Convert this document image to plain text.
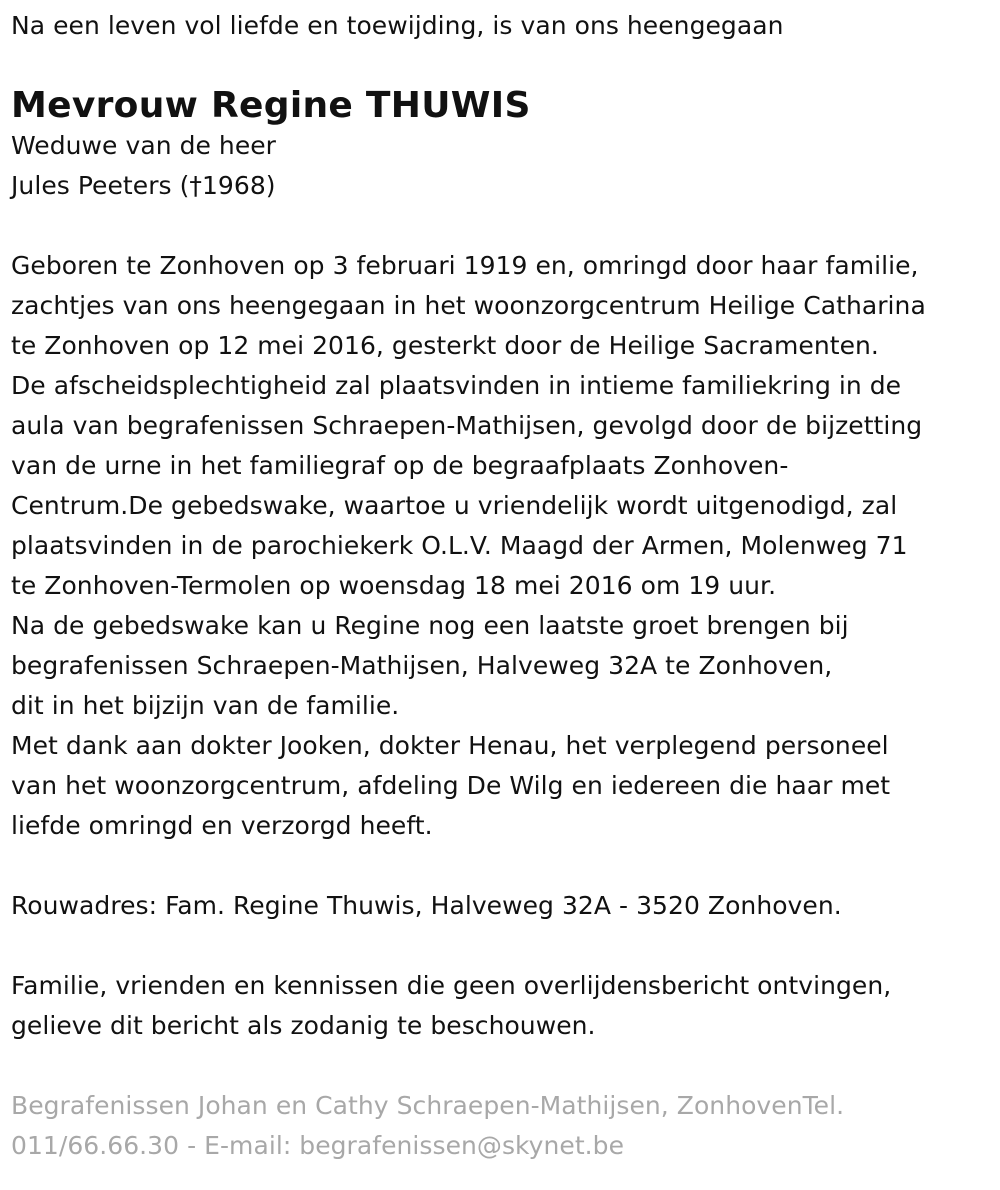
Na een leven vol liefde en toewijding, is van ons heengegaan
Mevrouw Regine THUWIS
Weduwe van de heer
Jules Peeters (†1968)
Geboren te Zonhoven op 3 februari 1919 en, omringd door haar familie,
zachtjes van ons heengegaan in het woonzorgcentrum Heilige Catharina
te Zonhoven op 12 mei 2016, gesterkt door de Heilige Sacramenten.
De afscheidsplechtigheid zal plaatsvinden in intieme familiekring in de
aula van begrafenissen Schraepen-Mathijsen, gevolgd door de bijzetting
van de urne in het familiegraf op de begraafplaats Zonhoven-
Centrum.De gebedswake, waartoe u vriendelijk wordt uitgenodigd, zal
plaatsvinden in de parochiekerk O.L.V. Maagd der Armen, Molenweg 71
te Zonhoven-Termolen op woensdag 18 mei 2016 om 19 uur.
Na de gebedswake kan u Regine nog een laatste groet brengen bij
begrafenissen Schraepen-Mathijsen, Halveweg 32A te Zonhoven,
dit in het bijzijn van de familie.
Met dank aan dokter Jooken, dokter Henau, het verplegend personeel
van het woonzorgcentrum, afdeling De Wilg en iedereen die haar met
liefde omringd en verzorgd heeft.
Rouwadres: Fam. Regine Thuwis, Halveweg 32A - 3520 Zonhoven.
Familie, vrienden en kennissen die geen overlijdensbericht ontvingen,
gelieve dit bericht als zodanig te beschouwen.
Begrafenissen Johan en Cathy Schraepen-Mathijsen, ZonhovenTel.
011/66.66.30 - E-mail: begrafenissen@skynet.be
